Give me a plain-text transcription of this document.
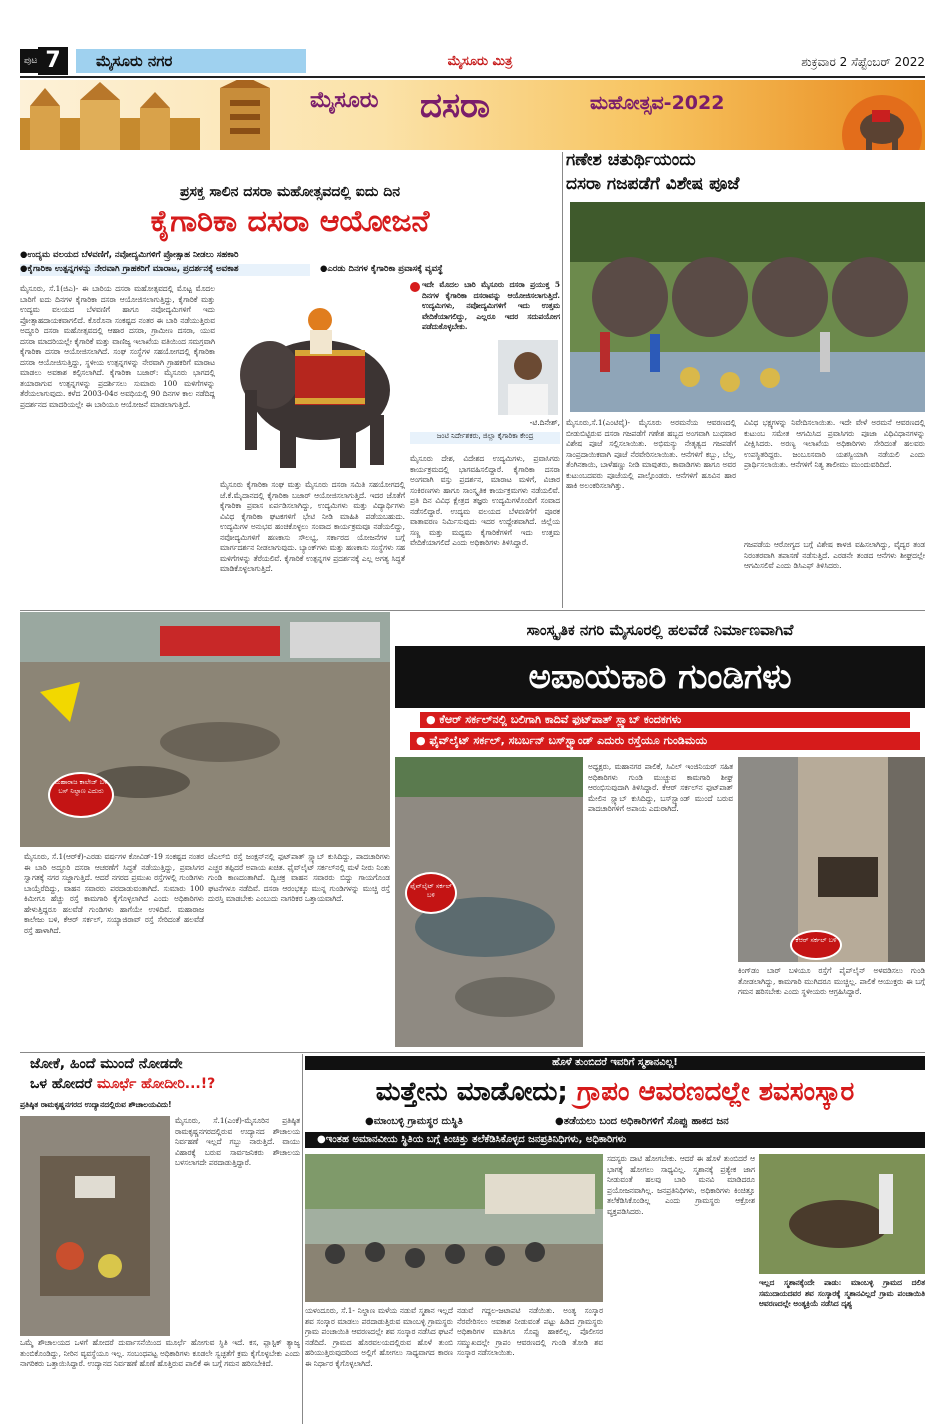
ಪುಟ 7	ಮೈಸೂರು ನಗರ	ಮೈಸೂರು ಮಿತ್ರ	ಶುಕ್ರವಾರ 2 ಸೆಪ್ಟೆಂಬರ್ 2022
ಮೈಸೂರು	ದಸರಾ	ಮಹೋತ್ಸವ-2022
ಪ್ರಸಕ್ತ ಸಾಲಿನ ದಸರಾ ಮಹೋತ್ಸವದಲ್ಲಿ ಐದು ದಿನ
ಕೈಗಾರಿಕಾ ದಸರಾ ಆಯೋಜನೆ
●ಉದ್ಯಮ ವಲಯದ ಬೆಳವಣಿಗೆ, ನವೋದ್ಯಮಿಗಳಿಗೆ ಪ್ರೋತ್ಸಾಹ ನೀಡಲು ಸಹಕಾರಿ
●ಕೈಗಾರಿಕಾ ಉತ್ಪನ್ನಗಳನ್ನು ನೇರವಾಗಿ ಗ್ರಾಹಕರಿಗೆ ಮಾರಾಟ, ಪ್ರದರ್ಶನಕ್ಕೆ ಅವಕಾಶ	●ಎರಡು ದಿನಗಳ ಕೈಗಾರಿಕಾ ಪ್ರವಾಸಕ್ಕೆ ವ್ಯವಸ್ಥೆ
ಮೈಸೂರು, ಸೆ.1(ಜಿಎ)- ಈ ಬಾರಿಯ ದಸರಾ ಮಹೋತ್ಸವದಲ್ಲಿ ಮೊಟ್ಟ ಮೊದಲ ಬಾರಿಗೆ ಐದು ದಿನಗಳ ಕೈಗಾರಿಕಾ ದಸರಾ ಆಯೋಜಿಸಲಾಗುತ್ತಿದ್ದು, ಕೈಗಾರಿಕೆ ಮತ್ತು ಉದ್ಯಮ ವಲಯದ ಬೆಳವಣಿಗೆ ಹಾಗೂ ನವೋದ್ಯಮಿಗಳಿಗೆ ಇದು ಪ್ರೋತ್ಸಾಹದಾಯಕವಾಗಲಿದೆ. ಕೊರೊನಾ ಸಂಕಷ್ಟದ ನಂತರ ಈ ಬಾರಿ ನಡೆಯುತ್ತಿರುವ ಅದ್ಧೂರಿ ದಸರಾ ಮಹೋತ್ಸವದಲ್ಲಿ ಆಹಾರ ದಸರಾ, ಗ್ರಾಮೀಣ ದಸರಾ, ಯುವ ದಸರಾ ಮಾದರಿಯಲ್ಲೇ ಕೈಗಾರಿಕೆ ಮತ್ತು ವಾಣಿಜ್ಯ ಇಲಾಖೆಯ ವತಿಯಿಂದ ಸಮಗ್ರವಾಗಿ ಕೈಗಾರಿಕಾ ದಸರಾ ಆಯೋಜಿಸಲಾಗಿದೆ. ಸಂಘ ಸಂಸ್ಥೆಗಳ ಸಹಯೋಗದಲ್ಲಿ ಕೈಗಾರಿಕಾ ದಸರಾ ಆಯೋಜಿಸುತ್ತಿದ್ದು, ಸ್ಥಳೀಯ ಉತ್ಪನ್ನಗಳನ್ನು ನೇರವಾಗಿ ಗ್ರಾಹಕರಿಗೆ ಮಾರಾಟ ಮಾಡಲು ಅವಕಾಶ ಕಲ್ಪಿಸಲಾಗಿದೆ. ಕೈಗಾರಿಕಾ ಬಜಾರ್: ಮೈಸೂರು ಭಾಗದಲ್ಲಿ ತಯಾರಾಗುವ ಉತ್ಪನ್ನಗಳನ್ನು ಪ್ರದರ್ಶಿಸಲು ಸುಮಾರು 100 ಮಳಿಗೆಗಳನ್ನು ತೆರೆಯಲಾಗುವುದು. ಕಳೆದ 2003-04ರ ಅವಧಿಯಲ್ಲಿ 90 ದಿನಗಳ ಕಾಲ ನಡೆದಿದ್ದ ಪ್ರದರ್ಶನದ ಮಾದರಿಯಲ್ಲೇ ಈ ಬಾರಿಯೂ ಆಯೋಜನೆ ಮಾಡಲಾಗುತ್ತಿದೆ.
ಮೈಸೂರು ಕೈಗಾರಿಕಾ ಸಂಘ ಮತ್ತು ಮೈಸೂರು ದಸರಾ ಸಮಿತಿ ಸಹಯೋಗದಲ್ಲಿ ಜೆ.ಕೆ.ಮೈದಾನದಲ್ಲಿ ಕೈಗಾರಿಕಾ ಬಜಾರ್ ಆಯೋಜಿಸಲಾಗುತ್ತಿದೆ. ಇದರ ಜೊತೆಗೆ ಕೈಗಾರಿಕಾ ಪ್ರವಾಸ ಏರ್ಪಡಿಸಲಾಗಿದ್ದು, ಉದ್ಯಮಿಗಳು ಮತ್ತು ವಿದ್ಯಾರ್ಥಿಗಳು ವಿವಿಧ ಕೈಗಾರಿಕಾ ಘಟಕಗಳಿಗೆ ಭೇಟಿ ನೀಡಿ ಮಾಹಿತಿ ಪಡೆಯಬಹುದು. ಉದ್ಯಮಿಗಳ ಅನುಭವ ಹಂಚಿಕೊಳ್ಳಲು ಸಂವಾದ ಕಾರ್ಯಕ್ರಮವೂ ನಡೆಯಲಿದ್ದು, ನವೋದ್ಯಮಿಗಳಿಗೆ ಹಣಕಾಸು ಸೌಲಭ್ಯ, ಸರ್ಕಾರದ ಯೋಜನೆಗಳ ಬಗ್ಗೆ ಮಾರ್ಗದರ್ಶನ ನೀಡಲಾಗುವುದು. ಬ್ಯಾಂಕ್‌ಗಳು ಮತ್ತು ಹಣಕಾಸು ಸಂಸ್ಥೆಗಳು ಸಹ ಮಳಿಗೆಗಳನ್ನು ತೆರೆಯಲಿವೆ. ಕೈಗಾರಿಕೆ ಉತ್ಪನ್ನಗಳ ಪ್ರದರ್ಶನಕ್ಕೆ ಎಲ್ಲ ಅಗತ್ಯ ಸಿದ್ಧತೆ ಮಾಡಿಕೊಳ್ಳಲಾಗುತ್ತಿದೆ.
ಇದೇ ಮೊದಲ ಬಾರಿ ಮೈಸೂರು ದಸರಾ ಪ್ರಯುಕ್ತ 5 ದಿನಗಳ ಕೈಗಾರಿಕಾ ದಸರಾವನ್ನು ಆಯೋಜಿಸಲಾಗುತ್ತಿದೆ. ಉದ್ಯಮಿಗಳು, ನವೋದ್ಯಮಿಗಳಿಗೆ ಇದು ಉತ್ತಮ ವೇದಿಕೆಯಾಗಲಿದ್ದು, ಎಲ್ಲರೂ ಇದರ ಸದುಪಯೋಗ ಪಡೆದುಕೊಳ್ಳಬೇಕು.
-ಟಿ.ದಿನೇಶ್,
ಜಂಟಿ ನಿರ್ದೇಶಕರು, ಜಿಲ್ಲಾ ಕೈಗಾರಿಕಾ ಕೇಂದ್ರ
ಮೈಸೂರು ದೇಶ, ವಿದೇಶದ ಉದ್ಯಮಿಗಳು, ಪ್ರವಾಸಿಗರು ಕಾರ್ಯಕ್ರಮದಲ್ಲಿ ಭಾಗವಹಿಸಲಿದ್ದಾರೆ. ಕೈಗಾರಿಕಾ ದಸರಾ ಅಂಗವಾಗಿ ವಸ್ತು ಪ್ರದರ್ಶನ, ಮಾರಾಟ ಮಳಿಗೆ, ವಿಚಾರ ಸಂಕಿರಣಗಳು ಹಾಗೂ ಸಾಂಸ್ಕೃತಿಕ ಕಾರ್ಯಕ್ರಮಗಳು ನಡೆಯಲಿವೆ. ಪ್ರತಿ ದಿನ ವಿವಿಧ ಕ್ಷೇತ್ರದ ತಜ್ಞರು ಉದ್ಯಮಿಗಳೊಂದಿಗೆ ಸಂವಾದ ನಡೆಸಲಿದ್ದಾರೆ. ಉದ್ಯಮ ವಲಯದ ಬೆಳವಣಿಗೆಗೆ ಪೂರಕ ವಾತಾವರಣ ನಿರ್ಮಿಸುವುದು ಇದರ ಉದ್ದೇಶವಾಗಿದೆ. ಜಿಲ್ಲೆಯ ಸಣ್ಣ ಮತ್ತು ಮಧ್ಯಮ ಕೈಗಾರಿಕೆಗಳಿಗೆ ಇದು ಉತ್ತಮ ವೇದಿಕೆಯಾಗಲಿದೆ ಎಂದು ಅಧಿಕಾರಿಗಳು ತಿಳಿಸಿದ್ದಾರೆ.
ಗಣೇಶ ಚತುರ್ಥಿಯಂದು
ದಸರಾ ಗಜಪಡೆಗೆ ವಿಶೇಷ ಪೂಜೆ
ಮೈಸೂರು,ಸೆ.1(ಎಂಟಿವೈ)- ಮೈಸೂರು ಅರಮನೆಯ ಆವರಣದಲ್ಲಿ ಬೀಡುಬಿಟ್ಟಿರುವ ದಸರಾ ಗಜಪಡೆಗೆ ಗಣೇಶ ಹಬ್ಬದ ಅಂಗವಾಗಿ ಬುಧವಾರ ವಿಶೇಷ ಪೂಜೆ ಸಲ್ಲಿಸಲಾಯಿತು. ಅಭಿಮನ್ಯು ನೇತೃತ್ವದ ಗಜಪಡೆಗೆ ಸಾಂಪ್ರದಾಯಿಕವಾಗಿ ಪೂಜೆ ನೆರವೇರಿಸಲಾಯಿತು. ಆನೆಗಳಿಗೆ ಕಬ್ಬು, ಬೆಲ್ಲ, ತೆಂಗಿನಕಾಯಿ, ಬಾಳೆಹಣ್ಣು ನೀಡಿ ಮಾವುತರು, ಕಾವಾಡಿಗಳು ಹಾಗೂ ಅವರ ಕುಟುಂಬದವರು ಪೂಜೆಯಲ್ಲಿ ಪಾಲ್ಗೊಂಡರು. ಆನೆಗಳಿಗೆ ಹೂವಿನ ಹಾರ ಹಾಕಿ ಅಲಂಕರಿಸಲಾಗಿತ್ತು.
ವಿವಿಧ ಭಕ್ಷ್ಯಗಳನ್ನು ನಿವೇದಿಸಲಾಯಿತು. ಇದೇ ವೇಳೆ ಅರಮನೆ ಆವರಣದಲ್ಲಿ ಕುಟುಂಬ ಸಮೇತ ಆಗಮಿಸಿದ ಪ್ರವಾಸಿಗರು ಪೂಜಾ ವಿಧಿವಿಧಾನಗಳನ್ನು ವೀಕ್ಷಿಸಿದರು. ಅರಣ್ಯ ಇಲಾಖೆಯ ಅಧಿಕಾರಿಗಳು ಸೇರಿದಂತೆ ಹಲವರು ಉಪಸ್ಥಿತರಿದ್ದರು. ಜಂಬೂಸವಾರಿ ಯಶಸ್ವಿಯಾಗಿ ನಡೆಯಲಿ ಎಂದು ಪ್ರಾರ್ಥಿಸಲಾಯಿತು. ಆನೆಗಳಿಗೆ ನಿತ್ಯ ತಾಲೀಮು ಮುಂದುವರಿದಿದೆ.
ಗಜಪಡೆಯ ಆರೋಗ್ಯದ ಬಗ್ಗೆ ವಿಶೇಷ ಕಾಳಜಿ ವಹಿಸಲಾಗಿದ್ದು, ವೈದ್ಯರ ತಂಡ ನಿರಂತರವಾಗಿ ತಪಾಸಣೆ ನಡೆಸುತ್ತಿದೆ. ಎರಡನೇ ತಂಡದ ಆನೆಗಳು ಶೀಘ್ರದಲ್ಲೇ ಆಗಮಿಸಲಿವೆ ಎಂದು ಡಿಸಿಎಫ್ ತಿಳಿಸಿದರು.
ಮಹಾರಾಜ ಕಾಲೇಜ್ ಬಳಿ ಬಸ್ ನಿಲ್ದಾಣ ಎದುರು
ಸಾಂಸ್ಕೃತಿಕ ನಗರಿ ಮೈಸೂರಲ್ಲಿ ಹಲವೆಡೆ ನಿರ್ಮಾಣವಾಗಿವೆ
ಅಪಾಯಕಾರಿ ಗುಂಡಿಗಳು
● ಕೆಆರ್ ಸರ್ಕಲ್‌ನಲ್ಲಿ ಬಲಿಗಾಗಿ ಕಾದಿವೆ ಫುಟ್‌ಪಾತ್ ಸ್ಲ್ಯಾಬ್ ಕಂದಕಗಳು
● ಫೈವ್‌ಲೈಟ್ ಸರ್ಕಲ್, ಸಬರ್ಬನ್ ಬಸ್‌ಸ್ಟ್ಯಾಂಡ್ ಎದುರು ರಸ್ತೆಯೂ ಗುಂಡಿಮಯ
ಫೈವ್‌ಲೈಟ್ ಸರ್ಕಲ್ ಬಳಿ
ಅಧ್ಯಕ್ಷರು, ಮಹಾನಗರ ಪಾಲಿಕೆ, ಸಿವಿಲ್ ಇಂಜಿನಿಯರ್ ಸಹಿತ ಅಧಿಕಾರಿಗಳು ಗುಂಡಿ ಮುಚ್ಚುವ ಕಾಮಗಾರಿ ಶೀಘ್ರ ಆರಂಭಿಸುವುದಾಗಿ ತಿಳಿಸಿದ್ದಾರೆ. ಕೆಆರ್ ಸರ್ಕಲ್‌ನ ಫುಟ್‌ಪಾತ್ ಮೇಲಿನ ಸ್ಲ್ಯಾಬ್ ಕುಸಿದಿದ್ದು, ಬಸ್‌ಸ್ಟ್ಯಾಂಡ್ ಮುಂದೆ ಬರುವ ಪಾದಚಾರಿಗಳಿಗೆ ಅಪಾಯ ಎದುರಾಗಿದೆ.
ಕೆಆರ್ ಸರ್ಕಲ್ ಬಳಿ
ಕಿಂಗ್‌ಡಂ ಬಾರ್ ಬಳಿಯೂ ರಸ್ತೆಗೆ ಪೈಪ್‌ಲೈನ್ ಅಳವಡಿಸಲು ಗುಂಡಿ ತೋಡಲಾಗಿದ್ದು, ಕಾಮಗಾರಿ ಮುಗಿದರೂ ಮುಚ್ಚಿಲ್ಲ. ಪಾಲಿಕೆ ಆಯುಕ್ತರು ಈ ಬಗ್ಗೆ ಗಮನ ಹರಿಸಬೇಕು ಎಂದು ಸ್ಥಳೀಯರು ಆಗ್ರಹಿಸಿದ್ದಾರೆ.
ಮೈಸೂರು, ಸೆ.1(ಆರ್‌ಕೆ)-ಎರಡು ವರ್ಷಗಳ ಕೋವಿಡ್-19 ಸಂಕಷ್ಟದ ನಂತರ ಈ ಬಾರಿ ಅದ್ಧೂರಿ ದಸರಾ ಆಚರಣೆಗೆ ಸಿದ್ಧತೆ ನಡೆಯುತ್ತಿದ್ದು, ಪ್ರವಾಸಿಗರ ಸ್ವಾಗತಕ್ಕೆ ನಗರ ಸಜ್ಜಾಗುತ್ತಿದೆ. ಆದರೆ ನಗರದ ಪ್ರಮುಖ ರಸ್ತೆಗಳಲ್ಲಿ ಗುಂಡಿಗಳು ಬಾಯ್ತೆರೆದಿದ್ದು, ವಾಹನ ಸವಾರರು ಪರದಾಡುವಂತಾಗಿದೆ. ಸುಮಾರು 100 ಕಿಮೀಗೂ ಹೆಚ್ಚು ರಸ್ತೆ ಕಾಮಗಾರಿ ಕೈಗೊಳ್ಳಲಾಗಿದೆ ಎಂದು ಅಧಿಕಾರಿಗಳು ಹೇಳುತ್ತಿದ್ದರೂ ಹಲವೆಡೆ ಗುಂಡಿಗಳು ಹಾಗೆಯೇ ಉಳಿದಿವೆ. ಮಹಾರಾಜ ಕಾಲೇಜು ಬಳಿ, ಕೆಆರ್ ಸರ್ಕಲ್, ಸಯ್ಯಾಜಿರಾವ್ ರಸ್ತೆ ಸೇರಿದಂತೆ ಹಲವೆಡೆ ರಸ್ತೆ ಹಾಳಾಗಿದೆ.
ಜೆಎಲ್‌ಬಿ ರಸ್ತೆ ಜಂಕ್ಷನ್‌ನಲ್ಲಿ ಫುಟ್‌ಪಾತ್ ಸ್ಲ್ಯಾಬ್ ಕುಸಿದಿದ್ದು, ಪಾದಚಾರಿಗಳು ಎಚ್ಚರ ತಪ್ಪಿದರೆ ಅಪಾಯ ಖಚಿತ. ಫೈವ್‌ಲೈಟ್ ಸರ್ಕಲ್‌ನಲ್ಲಿ ಮಳೆ ನೀರು ನಿಂತು ಗುಂಡಿ ಕಾಣದಂತಾಗಿದೆ. ದ್ವಿಚಕ್ರ ವಾಹನ ಸವಾರರು ಬಿದ್ದು ಗಾಯಗೊಂಡ ಘಟನೆಗಳೂ ನಡೆದಿವೆ. ದಸರಾ ಆರಂಭಕ್ಕೂ ಮುನ್ನ ಗುಂಡಿಗಳನ್ನು ಮುಚ್ಚಿ ರಸ್ತೆ ದುರಸ್ತಿ ಮಾಡಬೇಕು ಎಂಬುದು ನಾಗರಿಕರ ಒತ್ತಾಯವಾಗಿದೆ.
ಜೋಕೆ, ಹಿಂದೆ ಮುಂದೆ ನೋಡದೇ
ಒಳ ಹೋದರೆ ಮೂರ್ಛೆ ಹೋದೀರಿ...!?
ಪ್ರತಿಷ್ಠಿತ ರಾಮಕೃಷ್ಣನಗರದ ಉದ್ಯಾನದಲ್ಲಿರುವ ಶೌಚಾಲಯವಿದು!
ಮೈಸೂರು, ಸೆ.1(ಎಂಕೆ)-ಮೈಸೂರಿನ ಪ್ರತಿಷ್ಠಿತ ರಾಮಕೃಷ್ಣನಗರದಲ್ಲಿರುವ ಉದ್ಯಾನದ ಶೌಚಾಲಯ ನಿರ್ವಹಣೆ ಇಲ್ಲದೆ ಗಬ್ಬು ನಾರುತ್ತಿದೆ. ವಾಯು ವಿಹಾರಕ್ಕೆ ಬರುವ ಸಾರ್ವಜನಿಕರು ಶೌಚಾಲಯ ಬಳಸಲಾಗದೇ ಪರದಾಡುತ್ತಿದ್ದಾರೆ.
ಒಮ್ಮೆ ಶೌಚಾಲಯದ ಒಳಗೆ ಹೋದರೆ ದುರ್ವಾಸನೆಯಿಂದ ಮೂರ್ಛೆ ಹೋಗುವ ಸ್ಥಿತಿ ಇದೆ. ಕಸ, ಪ್ಲಾಸ್ಟಿಕ್ ತ್ಯಾಜ್ಯ ತುಂಬಿಕೊಂಡಿದ್ದು, ನೀರಿನ ವ್ಯವಸ್ಥೆಯೂ ಇಲ್ಲ. ಸಂಬಂಧಪಟ್ಟ ಅಧಿಕಾರಿಗಳು ಕೂಡಲೇ ಸ್ವಚ್ಛತೆಗೆ ಕ್ರಮ ಕೈಗೊಳ್ಳಬೇಕು ಎಂದು ನಾಗರಿಕರು ಒತ್ತಾಯಿಸಿದ್ದಾರೆ. ಉದ್ಯಾನದ ನಿರ್ವಹಣೆ ಹೊಣೆ ಹೊತ್ತಿರುವ ಪಾಲಿಕೆ ಈ ಬಗ್ಗೆ ಗಮನ ಹರಿಸಬೇಕಿದೆ.
ಹೊಳೆ ತುಂಬಿದರೆ ಇವರಿಗೆ ಸ್ಮಶಾನವಿಲ್ಲ!
ಮತ್ತೇನು ಮಾಡೋದು; ಗ್ರಾಪಂ ಆವರಣದಲ್ಲೇ ಶವಸಂಸ್ಕಾರ
●ಮಾಂಬಳ್ಳಿ ಗ್ರಾಮಸ್ಥರ ದುಸ್ಥಿತಿ	●ತಡೆಯಲು ಬಂದ ಅಧಿಕಾರಿಗಳಿಗೆ ಸೊಪ್ಪು ಹಾಕದ ಜನ
●ಇಂತಹ ಅಮಾನವೀಯ ಸ್ಥಿತಿಯ ಬಗ್ಗೆ ಕಿಂಚಿತ್ತು ತಲೆಕೆಡಿಸಿಕೊಳ್ಳದ ಜನಪ್ರತಿನಿಧಿಗಳು, ಅಧಿಕಾರಿಗಳು
ಸದಸ್ಯರು ದಾಟಿ ಹೋಗಬೇಕು. ಆದರೆ ಈ ಹೊಳೆ ತುಂಬಿದರೆ ಆ ಭಾಗಕ್ಕೆ ಹೋಗಲು ಸಾಧ್ಯವಿಲ್ಲ. ಸ್ಮಶಾನಕ್ಕೆ ಪ್ರತ್ಯೇಕ ಜಾಗ ನೀಡುವಂತೆ ಹಲವು ಬಾರಿ ಮನವಿ ಮಾಡಿದರೂ ಪ್ರಯೋಜನವಾಗಿಲ್ಲ. ಜನಪ್ರತಿನಿಧಿಗಳು, ಅಧಿಕಾರಿಗಳು ಕಿಂಚಿತ್ತೂ ತಲೆಕೆಡಿಸಿಕೊಂಡಿಲ್ಲ ಎಂದು ಗ್ರಾಮಸ್ಥರು ಆಕ್ರೋಶ ವ್ಯಕ್ತಪಡಿಸಿದರು.
ಇಲ್ಲದ ಸ್ಮಶಾನಕ್ಕೆಂದೇ ಪಾಡು: ಮಾಂಬಳ್ಳಿ ಗ್ರಾಮದ ದಲಿತ ಸಮುದಾಯದವರ ಶವ ಸಂಸ್ಕಾರಕ್ಕೆ ಸ್ಮಶಾನವಿಲ್ಲದೆ ಗ್ರಾಮ ಪಂಚಾಯಿತಿ ಆವರಣದಲ್ಲೇ ಅಂತ್ಯಕ್ರಿಯೆ ನಡೆಸಿದ ದೃಶ್ಯ
ಯಳಂದೂರು, ಸೆ.1- ನಿಲ್ದಾಣ ಮಳೆಯ ನಡುವೆ ಸ್ಮಶಾನ ಇಲ್ಲದೆ ಶವ ಸಂಸ್ಕಾರ ಮಾಡಲು ಪರದಾಡುತ್ತಿರುವ ಮಾಂಬಳ್ಳಿ ಗ್ರಾಮಸ್ಥರು ಗ್ರಾಮ ಪಂಚಾಯಿತಿ ಆವರಣದಲ್ಲೇ ಶವ ಸಂಸ್ಕಾರ ನಡೆಸಿದ ಘಟನೆ ನಡೆದಿದೆ. ಗ್ರಾಮದ ಹೊರವಲಯದಲ್ಲಿರುವ ಹೊಳೆ ತುಂಬಿ ಹರಿಯುತ್ತಿರುವುದರಿಂದ ಅಲ್ಲಿಗೆ ಹೋಗಲು ಸಾಧ್ಯವಾಗದ ಕಾರಣ ಈ ನಿರ್ಧಾರ ಕೈಗೊಳ್ಳಲಾಗಿದೆ.
ನಡುವೆ ಗದ್ದಲ-ಜಟಾಪಟಿ ನಡೆಯಿತು. ಅಂತ್ಯ ಸಂಸ್ಕಾರ ನೆರವೇರಿಸಲು ಅವಕಾಶ ನೀಡುವಂತೆ ಪಟ್ಟು ಹಿಡಿದ ಗ್ರಾಮಸ್ಥರು ಅಧಿಕಾರಿಗಳ ಮಾತಿಗೂ ಸೊಪ್ಪು ಹಾಕಲಿಲ್ಲ. ಪೊಲೀಸರ ಸಮ್ಮುಖದಲ್ಲೇ ಗ್ರಾಪಂ ಆವರಣದಲ್ಲಿ ಗುಂಡಿ ತೋಡಿ ಶವ ಸಂಸ್ಕಾರ ನಡೆಸಲಾಯಿತು.
